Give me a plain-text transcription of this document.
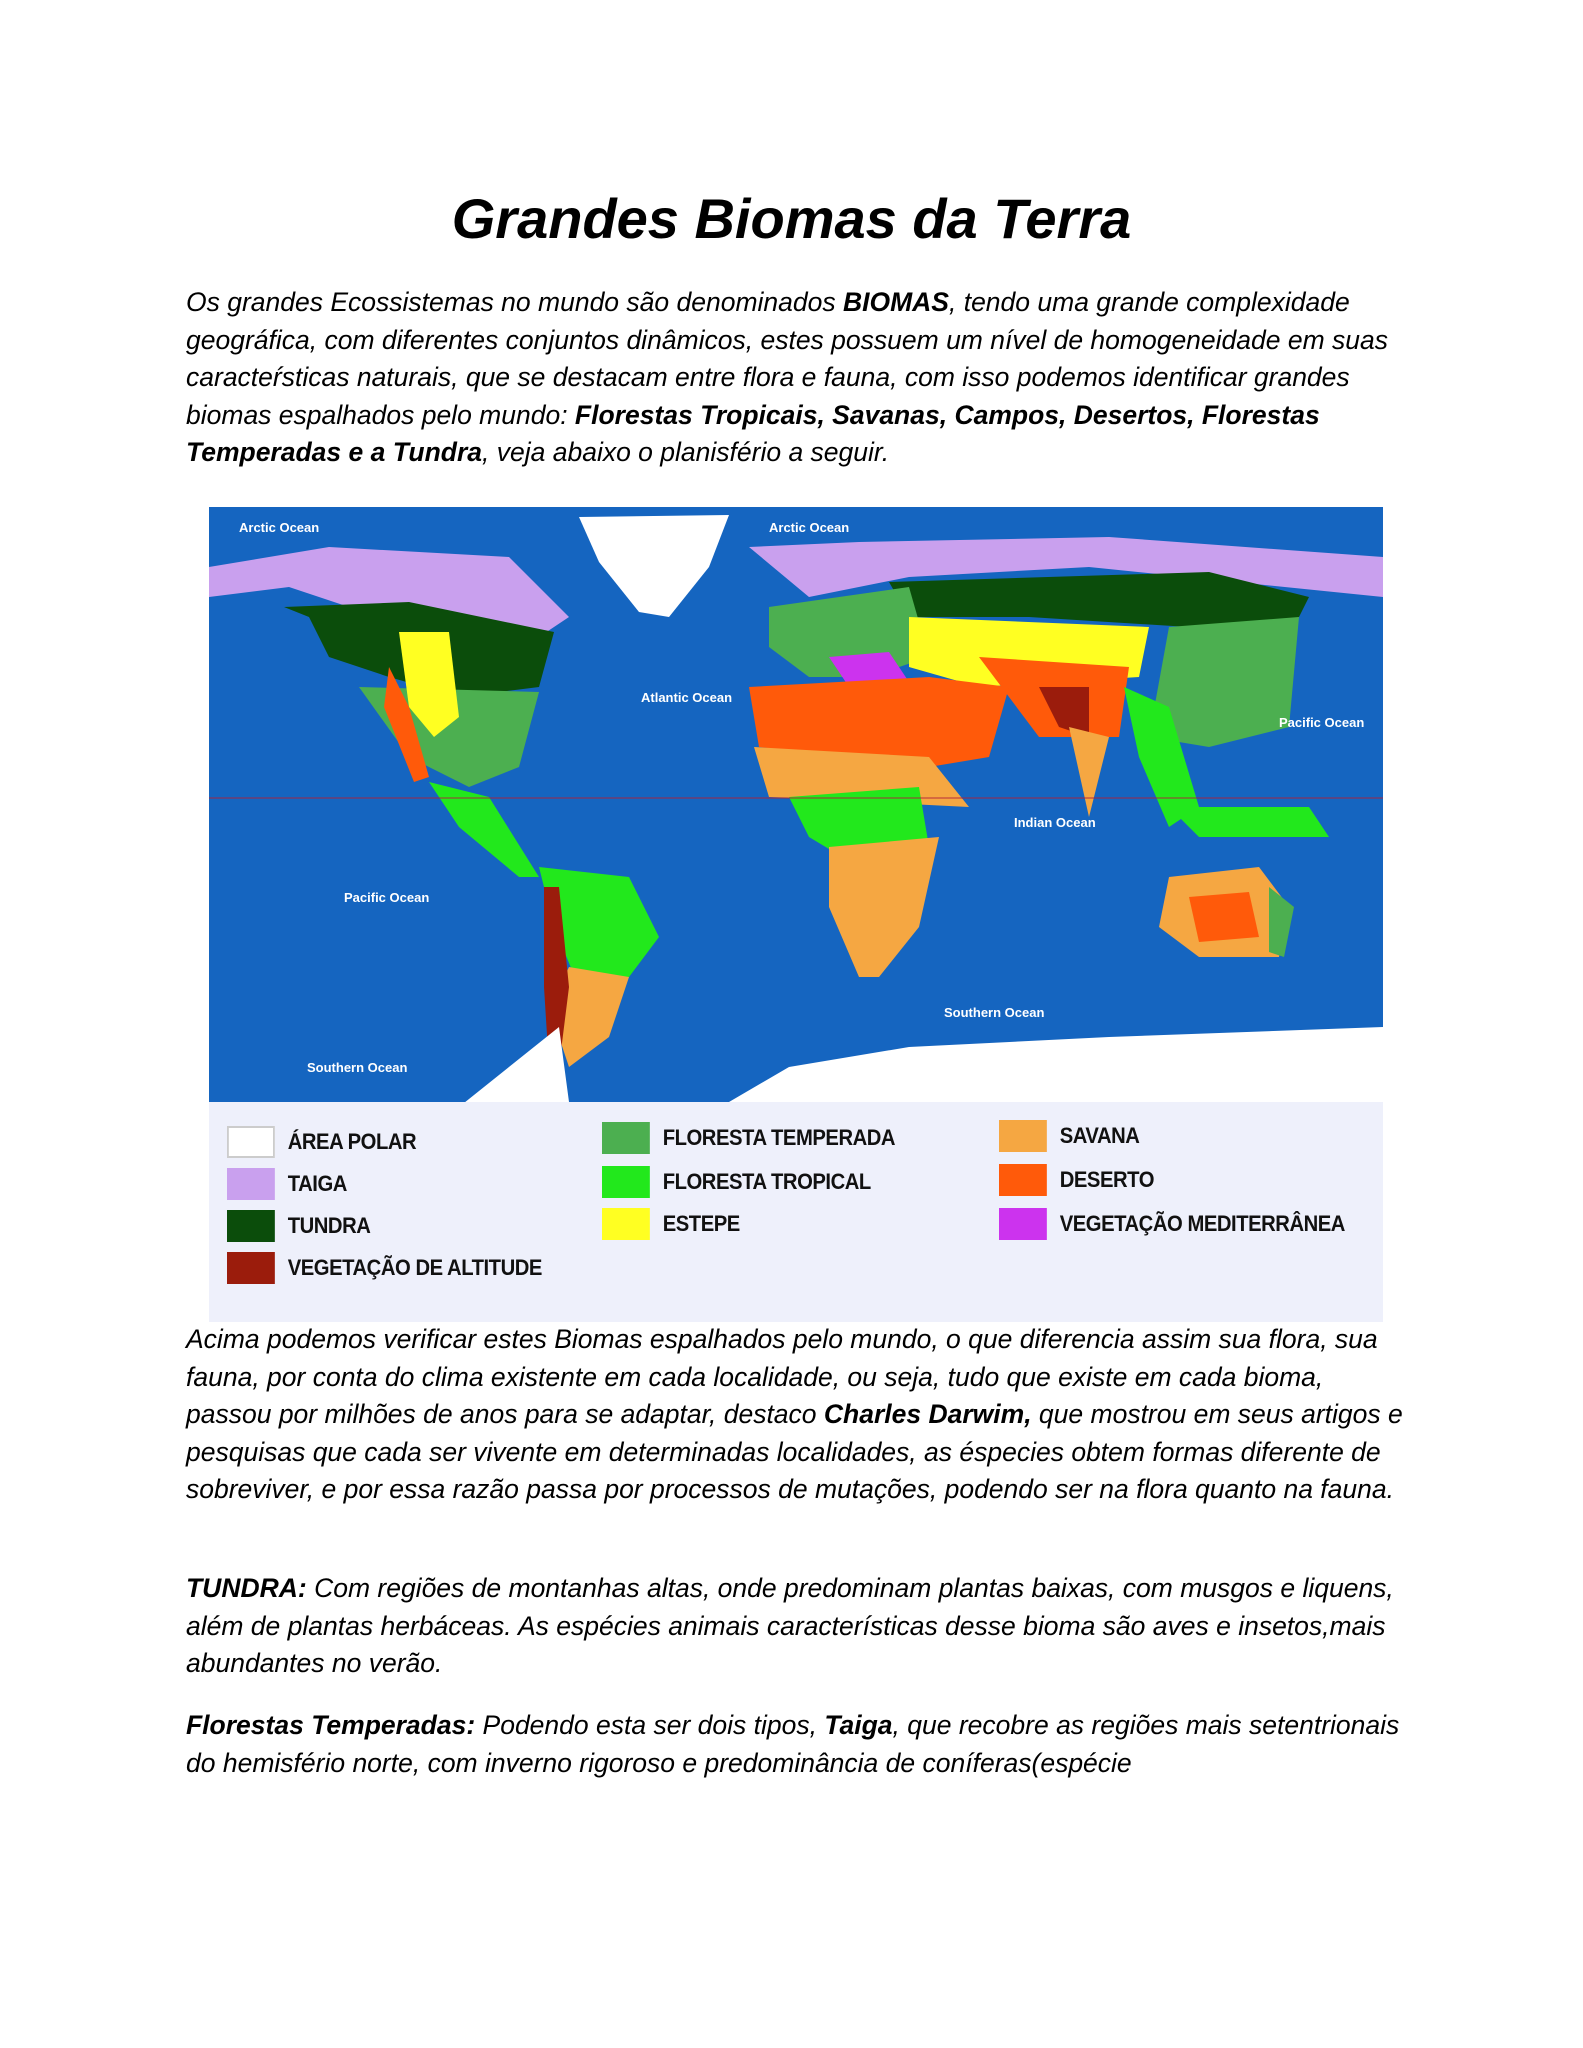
Grandes Biomas da Terra

Os grandes Ecossistemas no mundo são denominados BIOMAS, tendo uma grande complexidade geográfica, com diferentes conjuntos dinâmicos, estes possuem um nível de homogeneidade em suas caracteŕsticas naturais, que se destacam entre flora e fauna, com isso podemos identificar grandes biomas espalhados pelo mundo: Florestas Tropicais, Savanas, Campos, Desertos, Florestas Temperadas e a Tundra, veja abaixo o planisfério a seguir.

Arctic Ocean	Arctic Ocean
Atlantic Ocean
Pacific Ocean
Indian Ocean
Pacific Ocean
Southern Ocean
Southern Ocean
ÁREA POLAR
TAIGA
TUNDRA
VEGETAÇÃO DE ALTITUDE
FLORESTA TEMPERADA
FLORESTA TROPICAL
ESTEPE
SAVANA
DESERTO
VEGETAÇÃO MEDITERRÂNEA

Acima podemos verificar estes Biomas espalhados pelo mundo, o que diferencia assim sua flora, sua fauna, por conta do clima existente em cada localidade, ou seja, tudo que existe em cada bioma, passou por milhões de anos para se adaptar, destaco Charles Darwim, que mostrou em seus artigos e pesquisas que cada ser vivente em determinadas localidades, as éspecies obtem formas diferente de sobreviver, e por essa razão passa por processos de mutações, podendo ser na flora quanto na fauna.

TUNDRA: Com regiões de montanhas altas, onde predominam plantas baixas, com musgos e liquens, além de plantas herbáceas. As espécies animais características desse bioma são aves e insetos,mais abundantes no verão.

Florestas Temperadas: Podendo esta ser dois tipos, Taiga, que recobre as regiões mais setentrionais do hemisfério norte, com inverno rigoroso e predominância de coníferas(espécie
